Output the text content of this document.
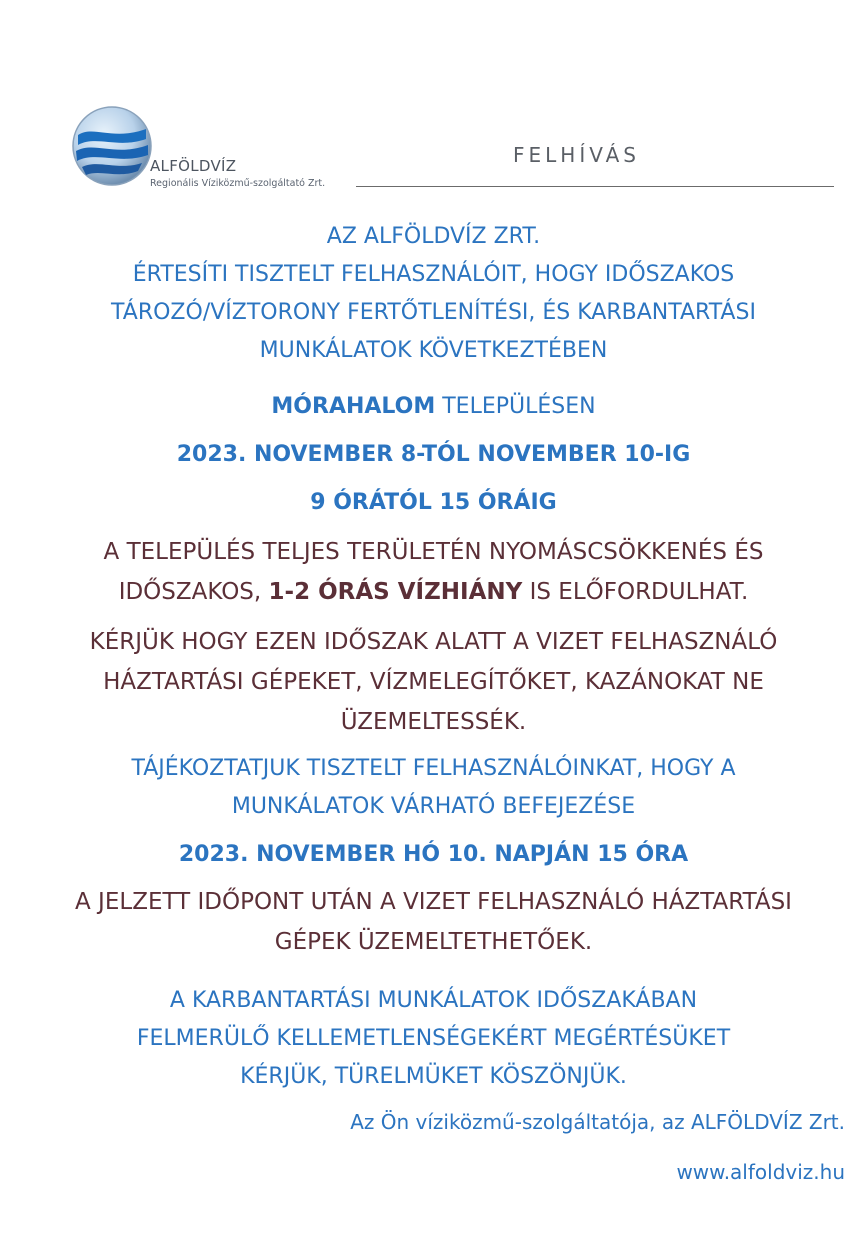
ALFÖLDVÍZ
Regionális Víziközmű-szolgáltató Zrt.
FELHÍVÁS
AZ ALFÖLDVÍZ ZRT.
ÉRTESÍTI TISZTELT FELHASZNÁLÓIT, HOGY IDŐSZAKOS
TÁROZÓ/VÍZTORONY FERTŐTLENÍTÉSI, ÉS KARBANTARTÁSI
MUNKÁLATOK KÖVETKEZTÉBEN
MÓRAHALOM TELEPÜLÉSEN
2023. NOVEMBER 8-TÓL NOVEMBER 10-IG
9 ÓRÁTÓL 15 ÓRÁIG
A TELEPÜLÉS TELJES TERÜLETÉN NYOMÁSCSÖKKENÉS ÉS
IDŐSZAKOS, 1-2 ÓRÁS VÍZHIÁNY IS ELŐFORDULHAT.
KÉRJÜK HOGY EZEN IDŐSZAK ALATT A VIZET FELHASZNÁLÓ
HÁZTARTÁSI GÉPEKET, VÍZMELEGÍTŐKET, KAZÁNOKAT NE
ÜZEMELTESSÉK.
TÁJÉKOZTATJUK TISZTELT FELHASZNÁLÓINKAT, HOGY A
MUNKÁLATOK VÁRHATÓ BEFEJEZÉSE
2023. NOVEMBER HÓ 10. NAPJÁN 15 ÓRA
A JELZETT IDŐPONT UTÁN A VIZET FELHASZNÁLÓ HÁZTARTÁSI
GÉPEK ÜZEMELTETHETŐEK.
A KARBANTARTÁSI MUNKÁLATOK IDŐSZAKÁBAN
FELMERÜLŐ KELLEMETLENSÉGEKÉRT MEGÉRTÉSÜKET
KÉRJÜK, TÜRELMÜKET KÖSZÖNJÜK.

Az Ön víziközmű-szolgáltatója, az ALFÖLDVÍZ Zrt.

www.alfoldviz.hu
